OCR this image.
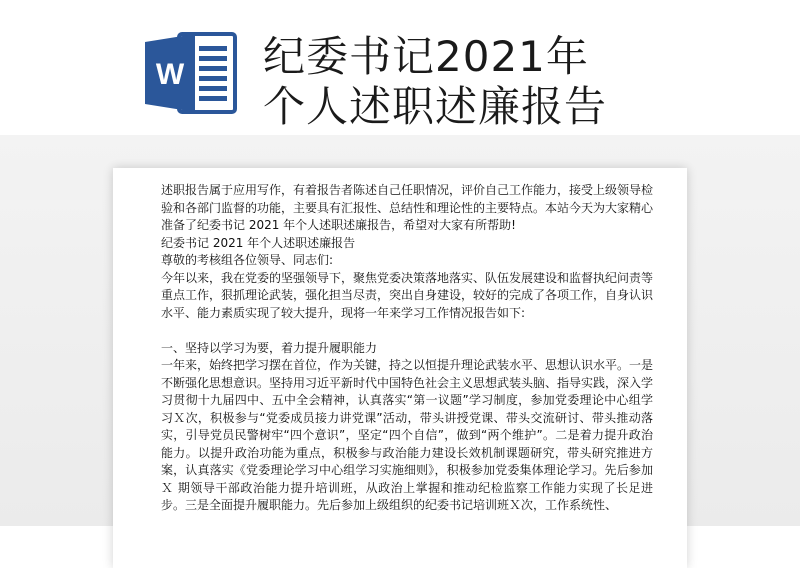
W 纪委书记2021年
个人述职述廉报告

述职报告属于应用写作，有着报告者陈述自己任职情况，评价自己工作能力，接受上级领导检验和各部门监督的功能，主要具有汇报性、总结性和理论性的主要特点。本站今天为大家精心准备了纪委书记 2021 年个人述职述廉报告，希望对大家有所帮助!

纪委书记 2021 年个人述职述廉报告

尊敬的考核组各位领导、同志们:

今年以来，我在党委的坚强领导下，聚焦党委决策落地落实、队伍发展建设和监督执纪问责等重点工作，狠抓理论武装，强化担当尽责，突出自身建设，较好的完成了各项工作，自身认识水平、能力素质实现了较大提升，现将一年来学习工作情况报告如下:

一、坚持以学习为要，着力提升履职能力

一年来，始终把学习摆在首位，作为关键，持之以恒提升理论武装水平、思想认识水平。一是不断强化思想意识。坚持用习近平新时代中国特色社会主义思想武装头脑、指导实践，深入学习贯彻十九届四中、五中全会精神，认真落实“第一议题”学习制度，参加党委理论中心组学习Ｘ次，积极参与“党委成员接力讲党课”活动，带头讲授党课、带头交流研讨、带头推动落实，引导党员民警树牢“四个意识”，坚定“四个自信”，做到“两个维护”。二是着力提升政治能力。以提升政治功能为重点，积极参与政治能力建设长效机制课题研究，带头研究推进方案，认真落实《党委理论学习中心组学习实施细则》，积极参加党委集体理论学习。先后参加 Ｘ 期领导干部政治能力提升培训班，从政治上掌握和推动纪检监察工作能力实现了长足进步。三是全面提升履职能力。先后参加上级组织的纪委书记培训班Ｘ次，工作系统性、
